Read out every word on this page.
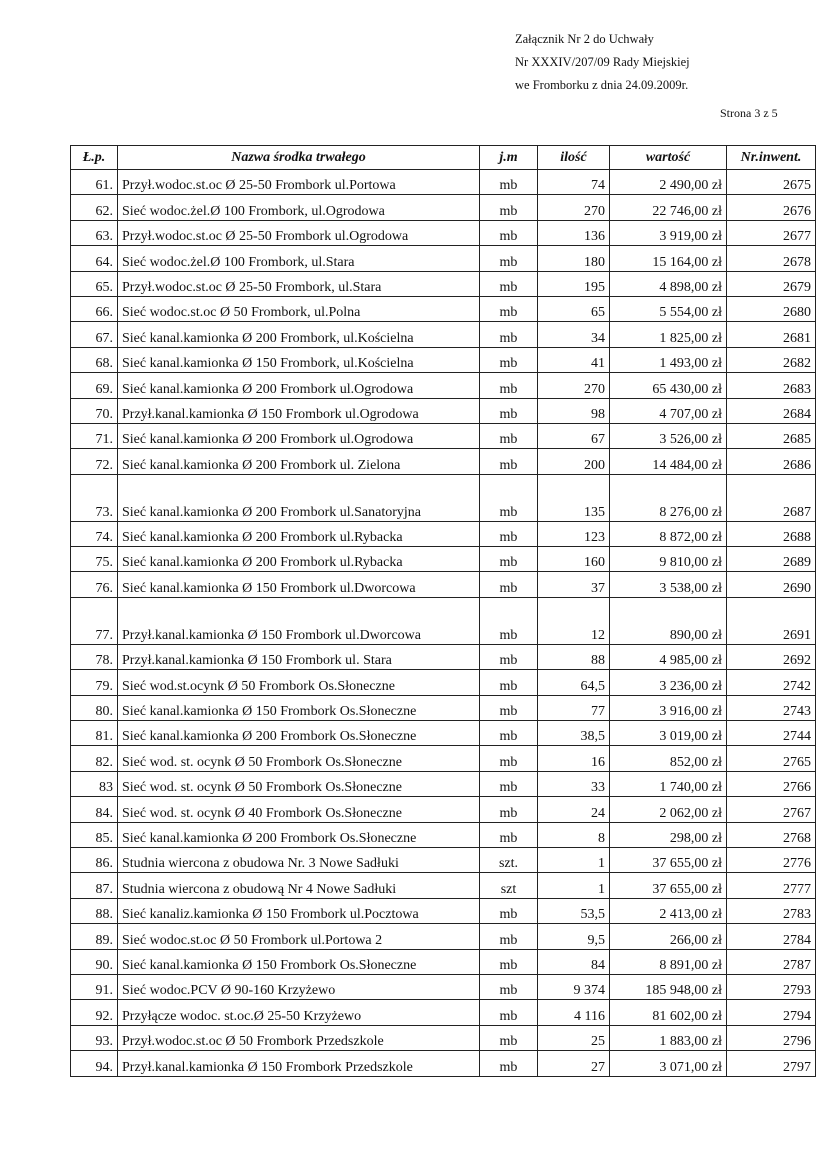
Załącznik Nr 2 do Uchwały
Nr XXXIV/207/09 Rady Miejskiej
we Fromborku z dnia 24.09.2009r.
Strona 3 z 5
Ł.p.	Nazwa środka trwałego	j.m	ilość	wartość	Nr.inwent.
61.	Przył.wodoc.st.oc Ø 25-50 Frombork ul.Portowa	mb	74	2 490,00 zł	2675
62.	Sieć wodoc.żel.Ø 100 Frombork, ul.Ogrodowa	mb	270	22 746,00 zł	2676
63.	Przył.wodoc.st.oc Ø 25-50 Frombork ul.Ogrodowa	mb	136	3 919,00 zł	2677
64.	Sieć wodoc.żel.Ø 100 Frombork, ul.Stara	mb	180	15 164,00 zł	2678
65.	Przył.wodoc.st.oc Ø 25-50 Frombork, ul.Stara	mb	195	4 898,00 zł	2679
66.	Sieć wodoc.st.oc Ø 50 Frombork, ul.Polna	mb	65	5 554,00 zł	2680
67.	Sieć kanal.kamionka Ø 200 Frombork, ul.Kościelna	mb	34	1 825,00 zł	2681
68.	Sieć kanal.kamionka Ø 150 Frombork, ul.Kościelna	mb	41	1 493,00 zł	2682
69.	Sieć kanal.kamionka Ø 200 Frombork ul.Ogrodowa	mb	270	65 430,00 zł	2683
70.	Przył.kanal.kamionka Ø 150 Frombork ul.Ogrodowa	mb	98	4 707,00 zł	2684
71.	Sieć kanal.kamionka Ø 200 Frombork ul.Ogrodowa	mb	67	3 526,00 zł	2685
72.	Sieć kanal.kamionka Ø 200 Frombork ul. Zielona	mb	200	14 484,00 zł	2686
73.	Sieć kanal.kamionka Ø 200 Frombork ul.Sanatoryjna	mb	135	8 276,00 zł	2687
74.	Sieć kanal.kamionka Ø 200 Frombork ul.Rybacka	mb	123	8 872,00 zł	2688
75.	Sieć kanal.kamionka Ø 200 Frombork ul.Rybacka	mb	160	9 810,00 zł	2689
76.	Sieć kanal.kamionka Ø 150 Frombork ul.Dworcowa	mb	37	3 538,00 zł	2690
77.	Przył.kanal.kamionka Ø 150 Frombork ul.Dworcowa	mb	12	890,00 zł	2691
78.	Przył.kanal.kamionka Ø 150 Frombork ul. Stara	mb	88	4 985,00 zł	2692
79.	Sieć wod.st.ocynk Ø 50 Frombork Os.Słoneczne	mb	64,5	3 236,00 zł	2742
80.	Sieć kanal.kamionka Ø 150 Frombork Os.Słoneczne	mb	77	3 916,00 zł	2743
81.	Sieć kanal.kamionka Ø 200 Frombork Os.Słoneczne	mb	38,5	3 019,00 zł	2744
82.	Sieć wod. st. ocynk Ø 50 Frombork Os.Słoneczne	mb	16	852,00 zł	2765
83	Sieć wod. st. ocynk Ø 50 Frombork Os.Słoneczne	mb	33	1 740,00 zł	2766
84.	Sieć wod. st. ocynk Ø 40 Frombork Os.Słoneczne	mb	24	2 062,00 zł	2767
85.	Sieć kanal.kamionka Ø 200 Frombork Os.Słoneczne	mb	8	298,00 zł	2768
86.	Studnia wiercona z obudowa Nr. 3 Nowe Sadłuki	szt.	1	37 655,00 zł	2776
87.	Studnia wiercona z obudową Nr 4 Nowe Sadłuki	szt	1	37 655,00 zł	2777
88.	Sieć kanaliz.kamionka Ø 150 Frombork ul.Pocztowa	mb	53,5	2 413,00 zł	2783
89.	Sieć wodoc.st.oc Ø 50 Frombork ul.Portowa 2	mb	9,5	266,00 zł	2784
90.	Sieć kanal.kamionka Ø 150 Frombork Os.Słoneczne	mb	84	8 891,00 zł	2787
91.	Sieć wodoc.PCV Ø 90-160 Krzyżewo	mb	9 374	185 948,00 zł	2793
92.	Przyłącze wodoc. st.oc.Ø 25-50 Krzyżewo	mb	4 116	81 602,00 zł	2794
93.	Przył.wodoc.st.oc Ø 50 Frombork Przedszkole	mb	25	1 883,00 zł	2796
94.	Przył.kanal.kamionka Ø 150 Frombork Przedszkole	mb	27	3 071,00 zł	2797
